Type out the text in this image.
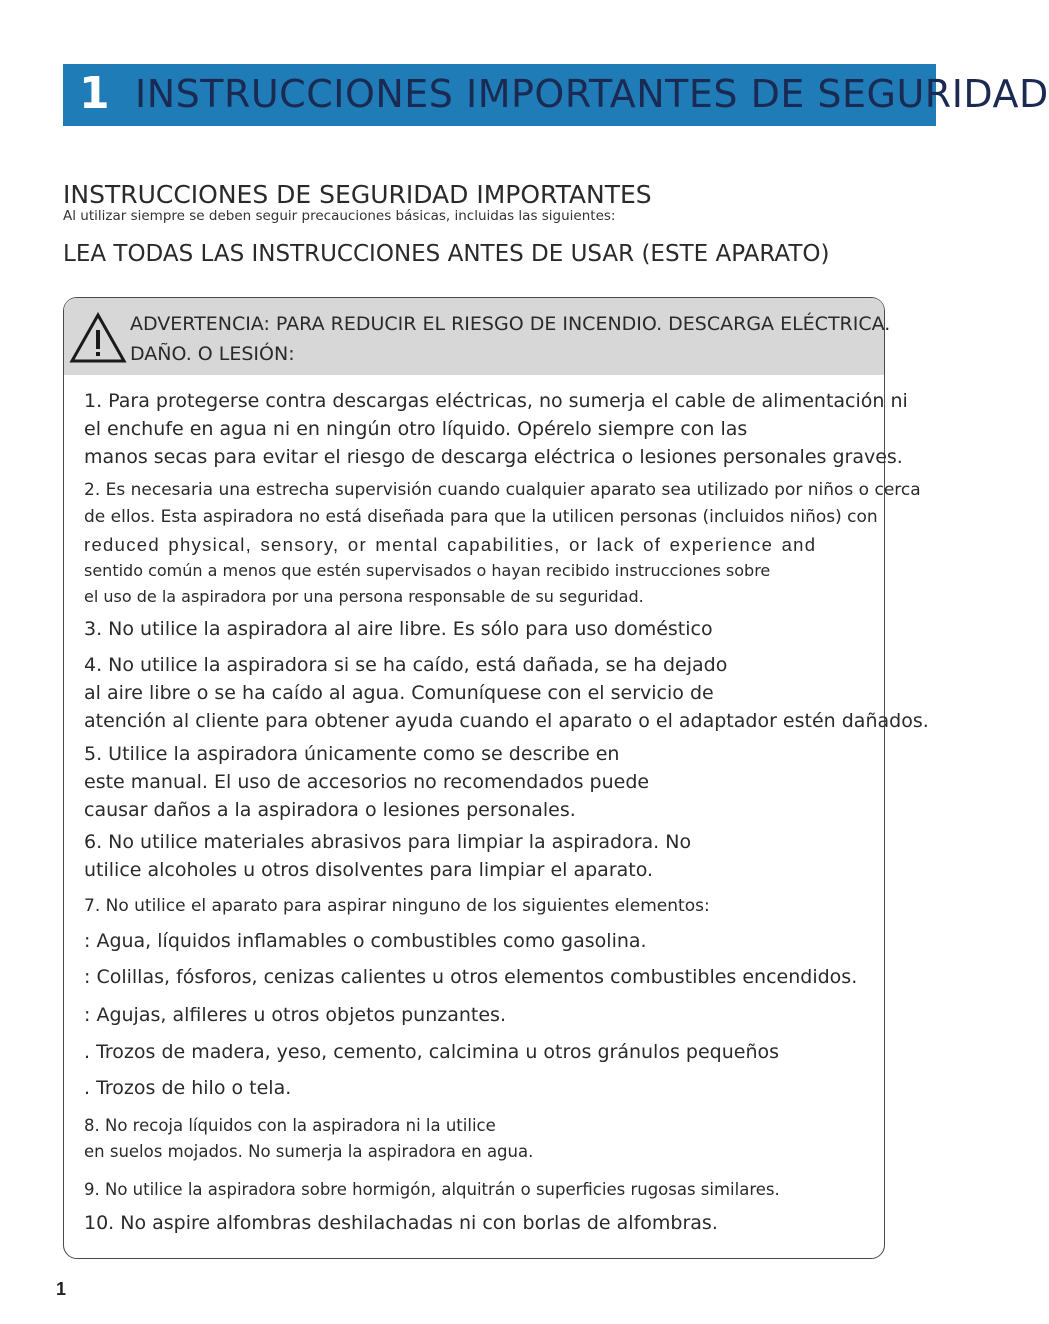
1 INSTRUCCIONES IMPORTANTES DE SEGURIDAD
INSTRUCCIONES DE SEGURIDAD IMPORTANTES
Al utilizar siempre se deben seguir precauciones básicas, incluidas las siguientes:
LEA TODAS LAS INSTRUCCIONES ANTES DE USAR (ESTE APARATO)
ADVERTENCIA: PARA REDUCIR EL RIESGO DE INCENDIO. DESCARGA ELÉCTRICA.
DAÑO. O LESIÓN:
1. Para protegerse contra descargas eléctricas, no sumerja el cable de alimentación ni
el enchufe en agua ni en ningún otro líquido. Opérelo siempre con las
manos secas para evitar el riesgo de descarga eléctrica o lesiones personales graves.
2. Es necesaria una estrecha supervisión cuando cualquier aparato sea utilizado por niños o cerca
de ellos. Esta aspiradora no está diseñada para que la utilicen personas (incluidos niños) con
reduced physical, sensory, or mental capabilities, or lack of experience and
sentido común a menos que estén supervisados o hayan recibido instrucciones sobre
el uso de la aspiradora por una persona responsable de su seguridad.
3. No utilice la aspiradora al aire libre. Es sólo para uso doméstico
4. No utilice la aspiradora si se ha caído, está dañada, se ha dejado
al aire libre o se ha caído al agua. Comuníquese con el servicio de
atención al cliente para obtener ayuda cuando el aparato o el adaptador estén dañados.
5. Utilice la aspiradora únicamente como se describe en
este manual. El uso de accesorios no recomendados puede
causar daños a la aspiradora o lesiones personales.
6. No utilice materiales abrasivos para limpiar la aspiradora. No
utilice alcoholes u otros disolventes para limpiar el aparato.
7. No utilice el aparato para aspirar ninguno de los siguientes elementos:
: Agua, líquidos inflamables o combustibles como gasolina.
: Colillas, fósforos, cenizas calientes u otros elementos combustibles encendidos.
: Agujas, alfileres u otros objetos punzantes.
. Trozos de madera, yeso, cemento, calcimina u otros gránulos pequeños
. Trozos de hilo o tela.
8. No recoja líquidos con la aspiradora ni la utilice
en suelos mojados. No sumerja la aspiradora en agua.
9. No utilice la aspiradora sobre hormigón, alquitrán o superficies rugosas similares.
10. No aspire alfombras deshilachadas ni con borlas de alfombras.
1
